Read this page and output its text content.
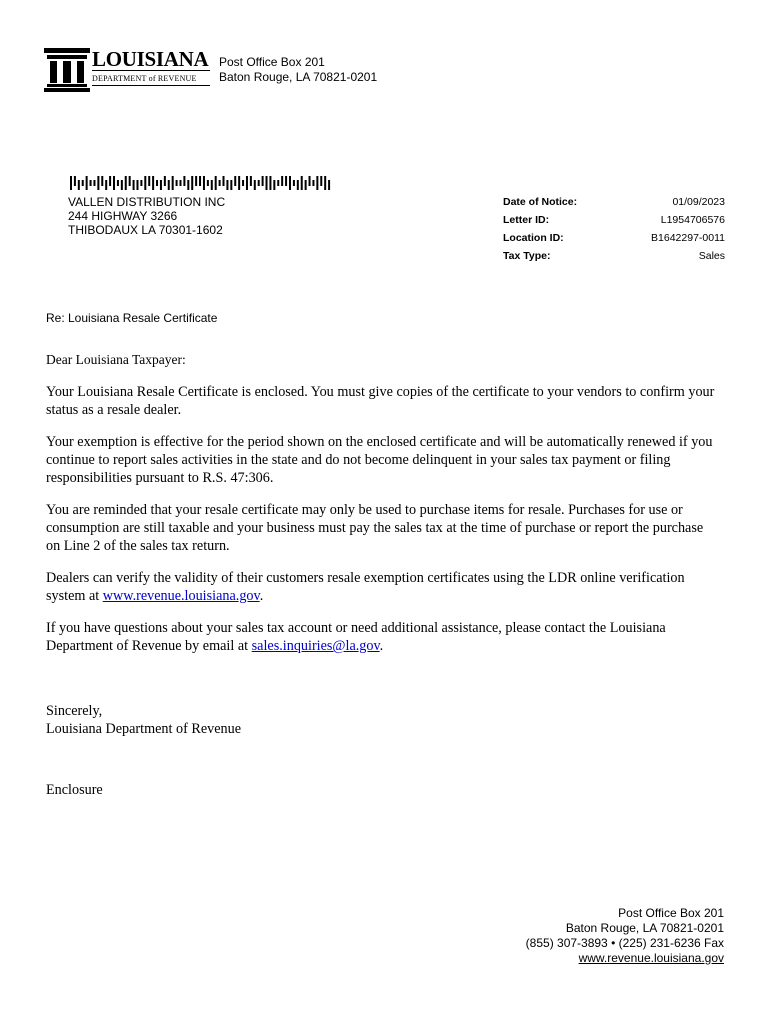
LOUISIANA
DEPARTMENT of REVENUE
Post Office Box 201
Baton Rouge, LA 70821-0201
VALLEN DISTRIBUTION INC
244 HIGHWAY 3266
THIBODAUX LA 70301-1602
Date of Notice:	01/09/2023
Letter ID:	L1954706576
Location ID:	B1642297-0011
Tax Type:	Sales
Re: Louisiana Resale Certificate

Dear Louisiana Taxpayer:

Your Louisiana Resale Certificate is enclosed. You must give copies of the certificate to your vendors to confirm your status as a resale dealer.

Your exemption is effective for the period shown on the enclosed certificate and will be automatically renewed if you continue to report sales activities in the state and do not become delinquent in your sales tax payment or filing responsibilities pursuant to R.S. 47:306.

You are reminded that your resale certificate may only be used to purchase items for resale. Purchases for use or consumption are still taxable and your business must pay the sales tax at the time of purchase or report the purchase on Line 2 of the sales tax return.

Dealers can verify the validity of their customers resale exemption certificates using the LDR online verification system at www.revenue.louisiana.gov.

If you have questions about your sales tax account or need additional assistance, please contact the Louisiana Department of Revenue by email at sales.inquiries@la.gov.

Sincerely,
Louisiana Department of Revenue
Enclosure
Post Office Box 201
Baton Rouge, LA 70821-0201
(855) 307-3893 • (225) 231-6236 Fax
www.revenue.louisiana.gov
